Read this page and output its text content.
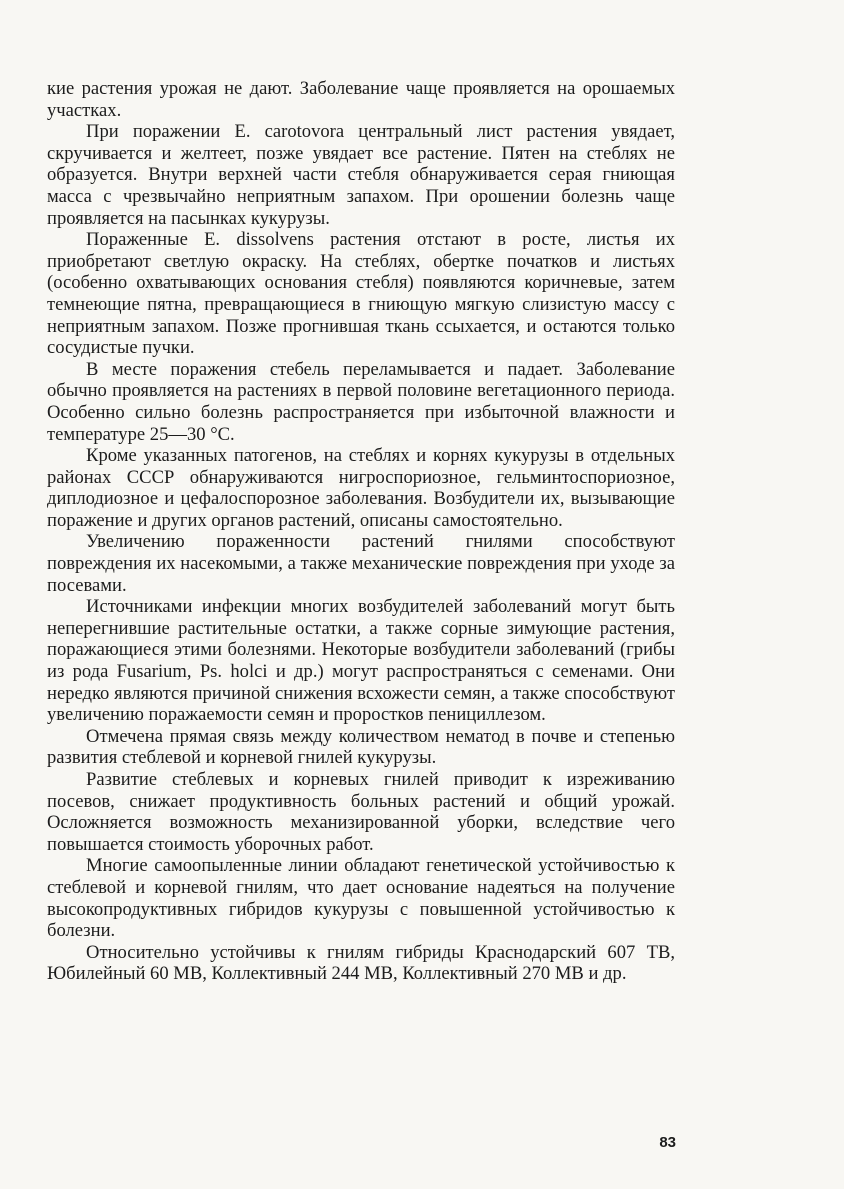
кие растения урожая не дают. Заболевание чаще проявляется на орошаемых участках.

При поражении E. carotovora центральный лист растения увядает, скручивается и желтеет, позже увядает все растение. Пятен на стеблях не образуется. Внутри верхней части стебля обнаруживается серая гниющая масса с чрезвычайно неприятным запахом. При орошении болезнь чаще проявляется на пасынках кукурузы.

Пораженные E. dissolvens растения отстают в росте, листья их приобретают светлую окраску. На стеблях, обертке початков и листьях (особенно охватывающих основания стебля) появляются коричневые, затем темнеющие пятна, превращающиеся в гниющую мягкую слизистую массу с неприятным запахом. Позже прогнившая ткань ссыхается, и остаются только сосудистые пучки.

В месте поражения стебель переламывается и падает. Заболевание обычно проявляется на растениях в первой половине вегетационного периода. Особенно сильно болезнь распространяется при избыточной влажности и температуре 25—30 °С.

Кроме указанных патогенов, на стеблях и корнях кукурузы в отдельных районах СССР обнаруживаются нигроспориозное, гельминтоспориозное, диплодиозное и цефалоспорозное заболевания. Возбудители их, вызывающие поражение и других органов растений, описаны самостоятельно.

Увеличению пораженности растений гнилями способствуют повреждения их насекомыми, а также механические повреждения при уходе за посевами.

Источниками инфекции многих возбудителей заболеваний могут быть неперегнившие растительные остатки, а также сорные зимующие растения, поражающиеся этими болезнями. Некоторые возбудители заболеваний (грибы из рода Fusarium, Ps. holci и др.) могут распространяться с семенами. Они нередко являются причиной снижения всхожести семян, а также способствуют увеличению поражаемости семян и проростков пенициллезом.

Отмечена прямая связь между количеством нематод в почве и степенью развития стеблевой и корневой гнилей кукурузы.

Развитие стеблевых и корневых гнилей приводит к изреживанию посевов, снижает продуктивность больных растений и общий урожай. Осложняется возможность механизированной уборки, вследствие чего повышается стоимость уборочных работ.

Многие самоопыленные линии обладают генетической устойчивостью к стеблевой и корневой гнилям, что дает основание надеяться на получение высокопродуктивных гибридов кукурузы с повышенной устойчивостью к болезни.

Относительно устойчивы к гнилям гибриды Краснодарский 607 ТВ, Юбилейный 60 МВ, Коллективный 244 МВ, Коллективный 270 МВ и др.

83
